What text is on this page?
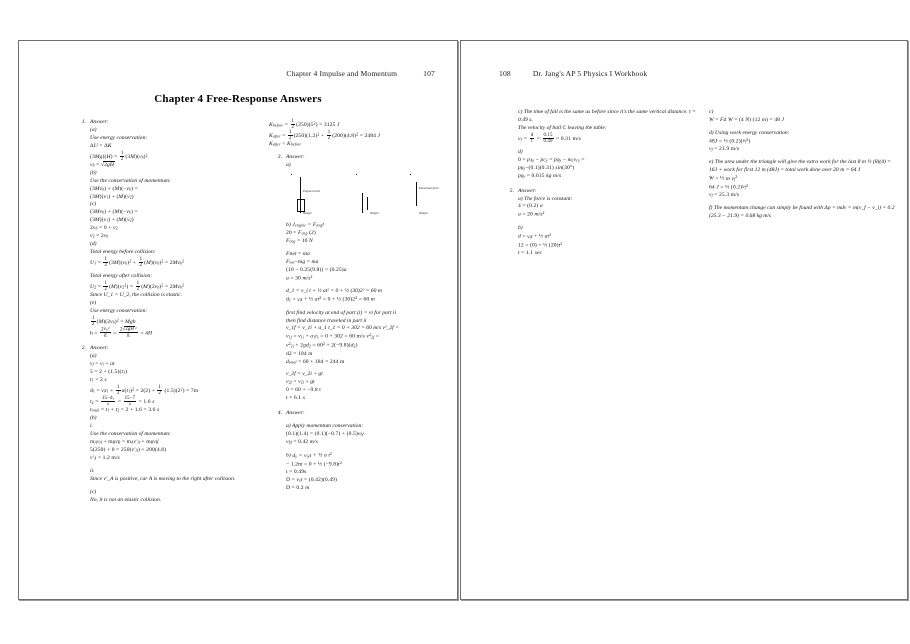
Chapter 4 Impulse and Momentum	107
Chapter 4 Free-Response Answers
1. Answer:
(a)
Use energy conservation:
ΔU = ΔK
$(3Mg)(H) = \frac{1}{2} (3M)(v_b)^2$
$v_b = √2gH$
(b)
Use the conservation of momentum:
$(3Mv_b) + (M)(-v_b)$ =
$(3M)(v_1) + (M)(v_2)$
(c)
$(3Mv_b) + (M)(-v_b)$ =
$(3M)(v_1) + (M)(v_2)$
$2v_b = 0 + v_2$
$v_2 = 2v_b$
(d)
Total energy before collision:
$U_1 = \frac{1}{2} (3M)(v_b)^2 + \frac{1}{2} (M)(v_b)^2 = 2Mv_b^2$
Total energy after collision:
$U_2 = \frac{1}{2} (M)(v_2^2) = \frac{1}{2} (M)(2v_b)^2 = 2Mv_b^2$
Since U_1 = U_2, the collision is elastic.
(e)
Use energy conservation:
$\frac{1}{2} (M)(2v_b)^2$ = Mgh
$h = \frac{2v_b^2}{g} = \frac{2√2gH^2}{g} = 4H$
2. Answer:
(a)
$v_f = v_i$ + at
$5 = 2 + (1.5)(t_1)$
$t_1 = 2$ s
$d_1 = v_it_1 + \frac{1}{2} a(t_1)^2 = 2(2) + \frac{1}{2} (1.5)(2^2) = 7m$
$t_2 = \frac{15-d_1}{5} = \frac{15-7}{5} = 1.6$ s
$t_{total} = t_1 + t_2 = 2 + 1.6 = 3.6$ s
(b)
i.
Use the conservation of momentum:
$m_Av_A + m_Bv_B = m_Av'_A + m_Bv_B'$
$5(250) + 0 = 250(v'_A) + 200(4.8)$
$v'_A = 1.2$ m/s
ii.
Since v'_A is positive, car A is moving to the right after collision.
(c)
No, it is not an elastic collision.
$K_{before} = \frac{1}{2} (250)(5^2) = 3125$ J
$K_{after} = \frac{1}{2} (250)(1.2)^2 + \frac{1}{2} (200)(4.8)^2 = 2484$ J
$K_{after} < K_{before}$
3. Answer:
a)
Engine thrust
Weight	Weight
Parachute force
Weight
b) $J_{engine} = F_{avg}t$
$20 = F_{eng}$ (2)
$F_{eng} = 10$ N
Fnet = ma
$F_{net}-mg$ = ma
(10 − 0.25(9.8)) = (0.25)a
a = 30 $m/s^2$
d_1 = v_i t + ½ at² = 0 + ½ (30)2² = 60 m
$d_1 = v_it$ + ½ $at^2 = 0$ + ½ $(30)2^2 = 60$ m
first find velocity at end of part (i) = vi for part ii
then find distance traveled in part ii
v_1f = v_1i + a_1 t_1 = 0 + 302 = 60 m/s v²_2f =
$v_{1f} = v_{1i} + a_1t_1 = 0 + 302 = 60$ m/s $v^2_{2f}$ =
$v^2_{2i} + 2gd_2 = 60^2 + 2(-9.8)(d_2)$
d2 = 184 m
$d_{total} = 60 + 184 = 244$ m
v_2f = v_2i + gt
$v_{2f} = v_{2i}$ + gt
0 = 60 + −9.8 t
t = 6.1 s
4. Answer:
a) Apply momentum conservation:
$(0.1)(1.4) = (0.1)(-0.7) + (0.5)v_{bf}$
$v_{bf} = 0.42$ m/s
b) $d_y = v_{iy}t$ + ½ a $t^2$
− 1.2m = 0 + ½ $(-9.8)t^2$
t = 0.49s
$D = v_xt = (0.42)(0.49)$
D = 0.2 m
108	Dr. Jang's AP 5 Physics I Workbook
c) The time of fall is the same as before since it's the same vertical distance. t = 0.49 s.
The velocity of ball C leaving the table:
$v_x = \frac{d}{t} = \frac{0.15}{0.49} = 0.31$ m/s
d)
$0 = p_{Ay} - p_{Cy} = p_{By} - m_cv_{cy}$ =
$p_{By}-(0.1)(0.31)$ sin(30°)
$p_{By} = 0.015$ kg m/s
5. Answer:
a) The force is constant:
4 = (0.2) a
a = 20 $m/s^2$
b)
$d = v_it$ + ½ $at^2$
12 = (0) + ½ $(20)t^2$
t = 1.1 sec
c)
W = Fd W = (4 N) (12 m) = 48 J
d) Using work energy conservation:
48J = ½ $(0.2)(v_f^2)$
$v_f = 21.9$ m/s
e) The area under the triangle will give the extra work for the last 8 m ½ (8)(4) = 16J + work for first 12 m (48J) = total work done over 20 m = 64 J
W = ½ m $v_f^2$
64 J = ½ $(0.2)v_f^2$
$v_f = 25.3$ m/s
f) The momentum change can simply be found with Δp = mdv = m(v_f − v_i) = 0.2 (25.3 − 21.9) = 0.68 kg m/s
